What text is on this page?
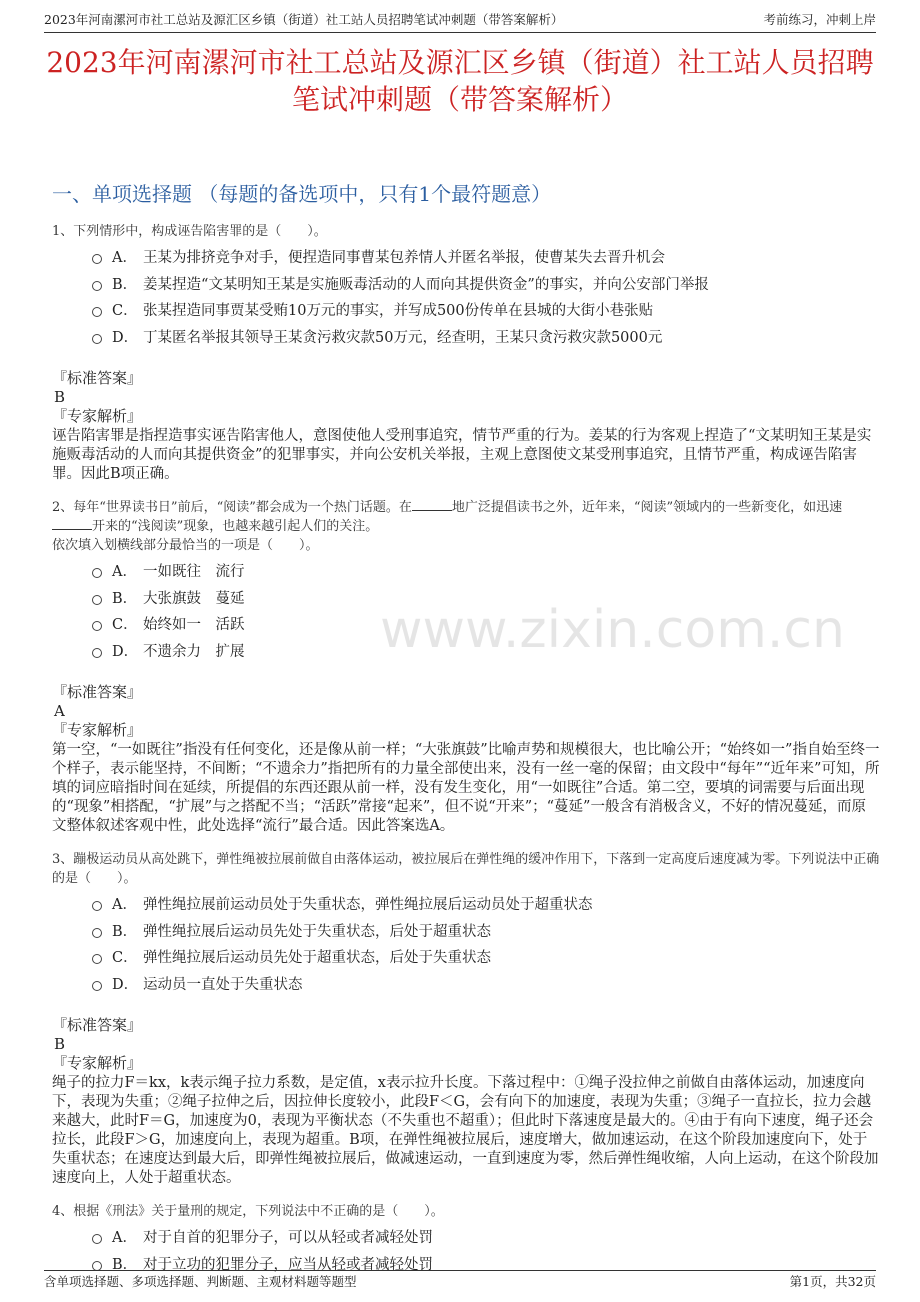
2023年河南漯河市社工总站及源汇区乡镇（街道）社工站人员招聘笔试冲刺题（带答案解析）	考前练习，冲刺上岸
2023年河南漯河市社工总站及源汇区乡镇（街道）社工站人员招聘笔试冲刺题（带答案解析）
一、单项选择题 （每题的备选项中，只有1个最符题意）
www.zixin.com.cn
1、下列情形中，构成诬告陷害罪的是（　　）。
A． 王某为排挤竞争对手，便捏造同事曹某包养情人并匿名举报，使曹某失去晋升机会
B． 姜某捏造“文某明知王某是实施贩毒活动的人而向其提供资金”的事实，并向公安部门举报
C． 张某捏造同事贾某受贿10万元的事实，并写成500份传单在县城的大街小巷张贴
D． 丁某匿名举报其领导王某贪污救灾款50万元，经查明，王某只贪污救灾款5000元
『标准答案』
B
『专家解析』
诬告陷害罪是指捏造事实诬告陷害他人，意图使他人受刑事追究，情节严重的行为。姜某的行为客观上捏造了“文某明知王某是实施贩毒活动的人而向其提供资金”的犯罪事实，并向公安机关举报，主观上意图使文某受刑事追究，且情节严重，构成诬告陷害罪。因此B项正确。
2、每年“世界读书日”前后，“阅读”都会成为一个热门话题。在	地广泛提倡读书之外，近年来，“阅读”领域内的一些新变化，如迅速
开来的“浅阅读”现象，也越来越引起人们的关注。
依次填入划横线部分最恰当的一项是（　　）。
A． 一如既往　流行
B． 大张旗鼓　蔓延
C． 始终如一　活跃
D． 不遗余力　扩展
『标准答案』
A
『专家解析』
第一空，“一如既往”指没有任何变化，还是像从前一样；“大张旗鼓”比喻声势和规模很大，也比喻公开；“始终如一”指自始至终一个样子，表示能坚持，不间断；“不遗余力”指把所有的力量全部使出来，没有一丝一毫的保留；由文段中“每年”“近年来”可知，所填的词应暗指时间在延续，所提倡的东西还跟从前一样，没有发生变化，用“一如既往”合适。第二空，要填的词需要与后面出现的“现象”相搭配，“扩展”与之搭配不当；“活跃”常接“起来”，但不说“开来”；“蔓延”一般含有消极含义，不好的情况蔓延，而原文整体叙述客观中性，此处选择“流行”最合适。因此答案选A。
3、蹦极运动员从高处跳下，弹性绳被拉展前做自由落体运动，被拉展后在弹性绳的缓冲作用下，下落到一定高度后速度减为零。下列说法中正确的是（　　）。
A． 弹性绳拉展前运动员处于失重状态，弹性绳拉展后运动员处于超重状态
B． 弹性绳拉展后运动员先处于失重状态，后处于超重状态
C． 弹性绳拉展后运动员先处于超重状态，后处于失重状态
D． 运动员一直处于失重状态
『标准答案』
B
『专家解析』
绳子的拉力F＝kx，k表示绳子拉力系数，是定值，x表示拉升长度。下落过程中：①绳子没拉伸之前做自由落体运动，加速度向下，表现为失重；②绳子拉伸之后，因拉伸长度较小，此段F＜G，会有向下的加速度，表现为失重；③绳子一直拉长，拉力会越来越大，此时F＝G，加速度为0，表现为平衡状态（不失重也不超重）；但此时下落速度是最大的。④由于有向下速度，绳子还会拉长，此段F＞G，加速度向上，表现为超重。B项，在弹性绳被拉展后，速度增大，做加速运动，在这个阶段加速度向下，处于失重状态；在速度达到最大后，即弹性绳被拉展后，做减速运动，一直到速度为零，然后弹性绳收缩，人向上运动，在这个阶段加速度向上，人处于超重状态。
4、根据《刑法》关于量刑的规定，下列说法中不正确的是（　　）。
A． 对于自首的犯罪分子，可以从轻或者减轻处罚
B． 对于立功的犯罪分子，应当从轻或者减轻处罚
含单项选择题、多项选择题、判断题、主观材料题等题型	第1页，共32页
